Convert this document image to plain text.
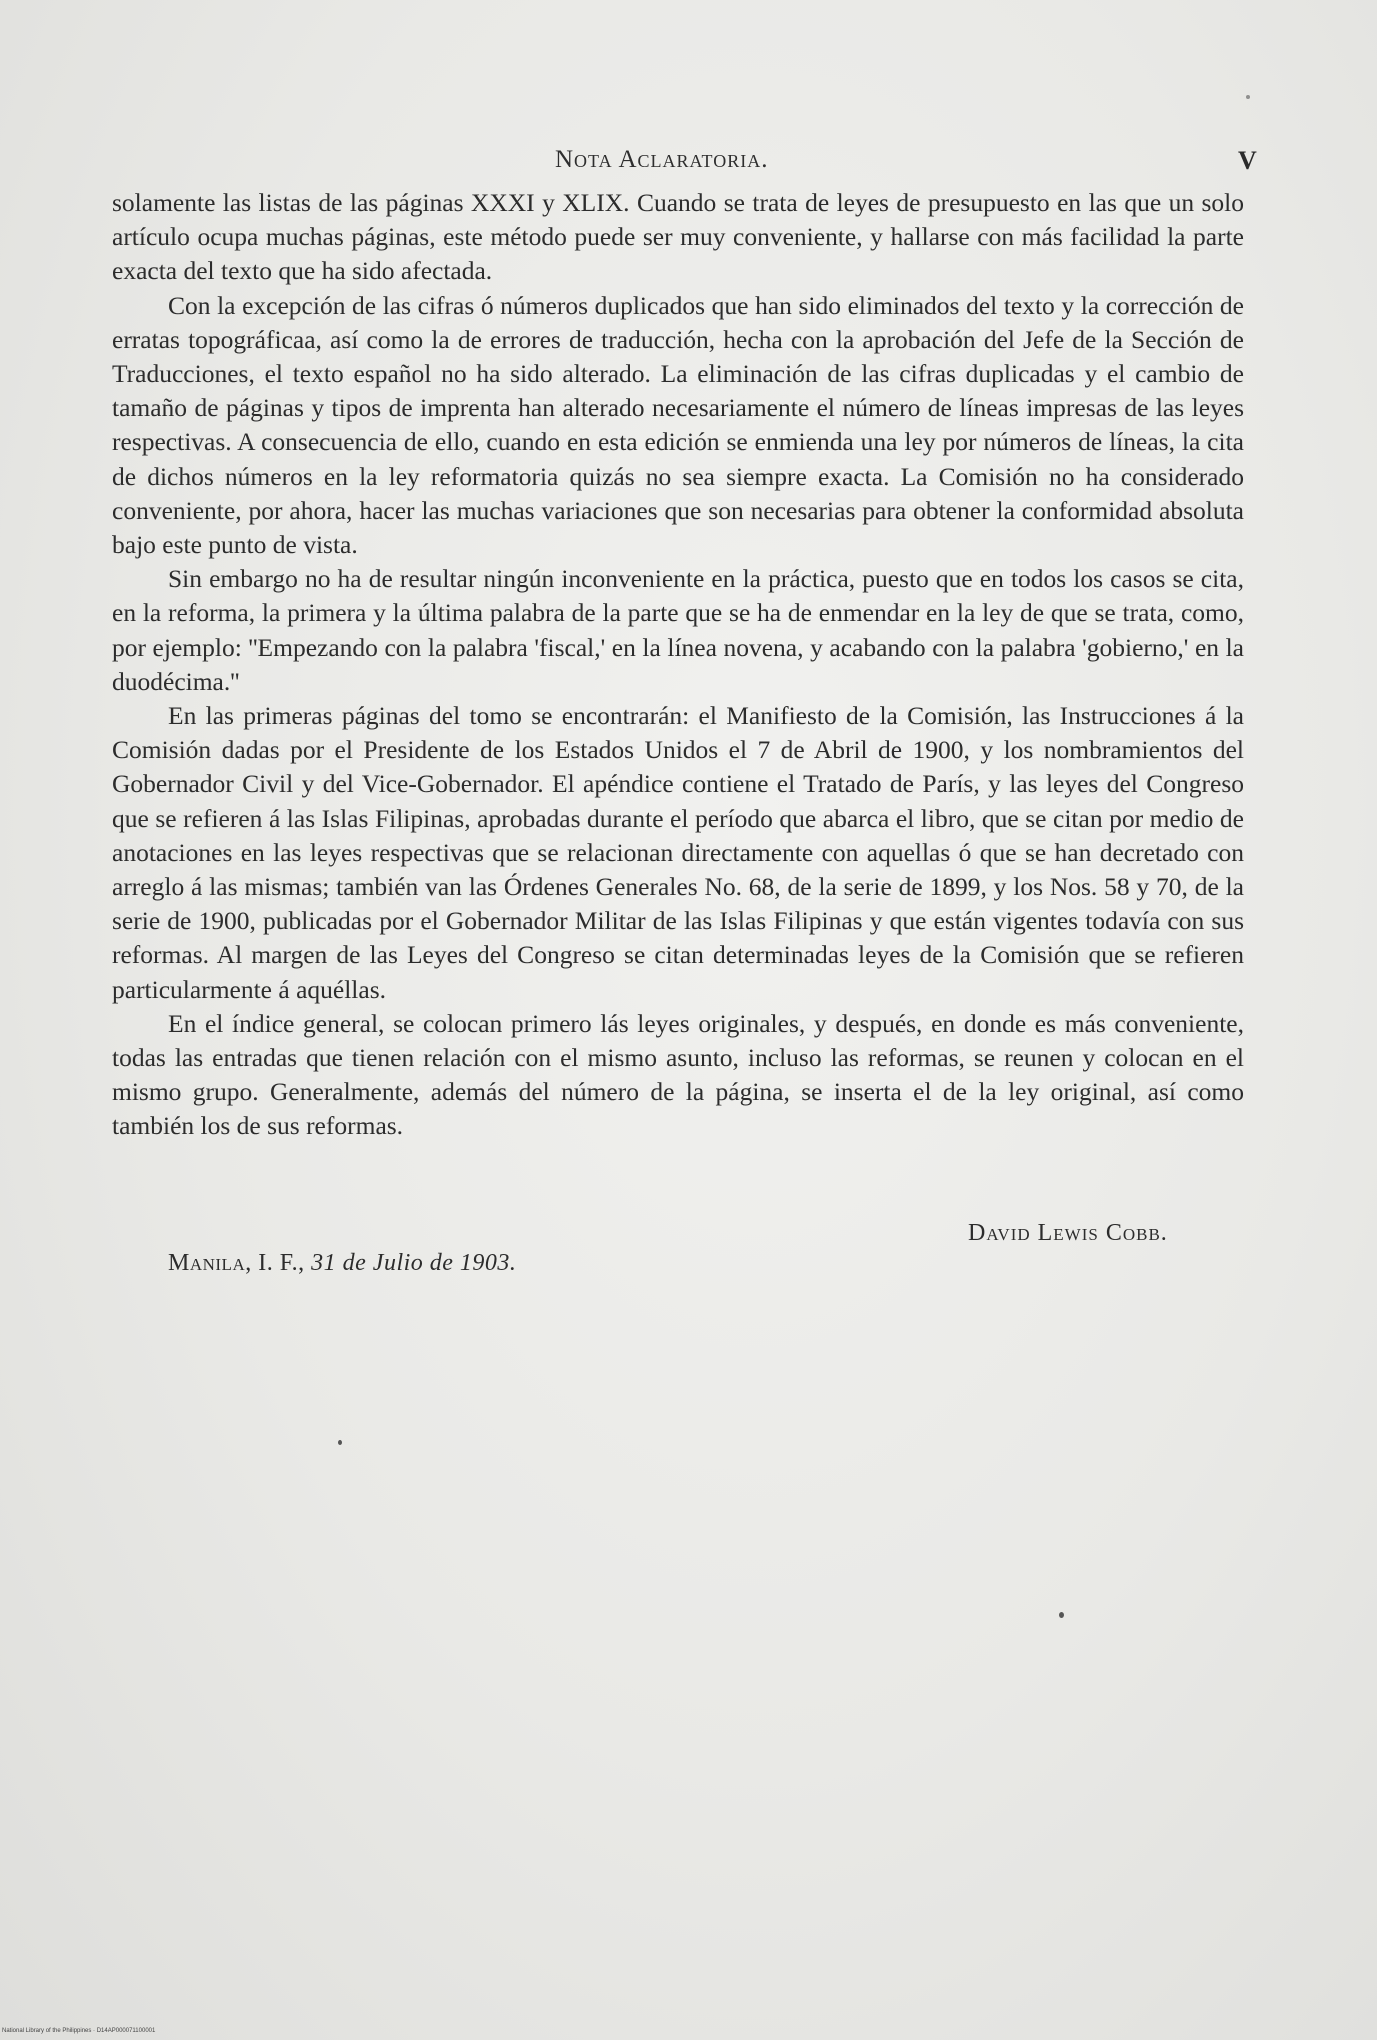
Nota Aclaratoria.	V

solamente las listas de las páginas XXXI y XLIX. Cuando se trata de leyes de presupuesto en las que un solo artículo ocupa muchas páginas, este método puede ser muy conveniente, y hallarse con más facilidad la parte exacta del texto que ha sido afectada.

Con la excepción de las cifras ó números duplicados que han sido eliminados del texto y la corrección de erratas topográficaa, así como la de errores de traducción, hecha con la aprobación del Jefe de la Sección de Traducciones, el texto español no ha sido alterado. La eliminación de las cifras duplicadas y el cambio de tamaño de páginas y tipos de imprenta han alterado necesariamente el número de líneas impresas de las leyes respectivas. A consecuencia de ello, cuando en esta edición se enmienda una ley por números de líneas, la cita de dichos números en la ley reformatoria quizás no sea siempre exacta. La Comisión no ha considerado conveniente, por ahora, hacer las muchas variaciones que son necesarias para obtener la conformidad absoluta bajo este punto de vista.

Sin embargo no ha de resultar ningún inconveniente en la práctica, puesto que en todos los casos se cita, en la reforma, la primera y la última palabra de la parte que se ha de enmendar en la ley de que se trata, como, por ejemplo: ''Empezando con la palabra 'fiscal,' en la línea novena, y acabando con la palabra 'gobierno,' en la duodécima.''

En las primeras páginas del tomo se encontrarán: el Manifiesto de la Comisión, las Instrucciones á la Comisión dadas por el Presidente de los Estados Unidos el 7 de Abril de 1900, y los nombramientos del Gobernador Civil y del Vice-Gobernador. El apéndice contiene el Tratado de París, y las leyes del Congreso que se refieren á las Islas Filipinas, aprobadas durante el período que abarca el libro, que se citan por medio de anotaciones en las leyes respectivas que se relacionan directamente con aquellas ó que se han decretado con arreglo á las mismas; también van las Órdenes Generales No. 68, de la serie de 1899, y los Nos. 58 y 70, de la serie de 1900, publicadas por el Gobernador Militar de las Islas Filipinas y que están vigentes todavía con sus reformas. Al margen de las Leyes del Congreso se citan determinadas leyes de la Comisión que se refieren particularmente á aquéllas.

En el índice general, se colocan primero lás leyes originales, y después, en donde es más conveniente, todas las entradas que tienen relación con el mismo asunto, incluso las reformas, se reunen y colocan en el mismo grupo. Generalmente, además del número de la página, se inserta el de la ley original, así como también los de sus reformas.

David Lewis Cobb.
Manila, I. F., 31 de Julio de 1903.
National Library of the Philippines · D14AP000071100001
